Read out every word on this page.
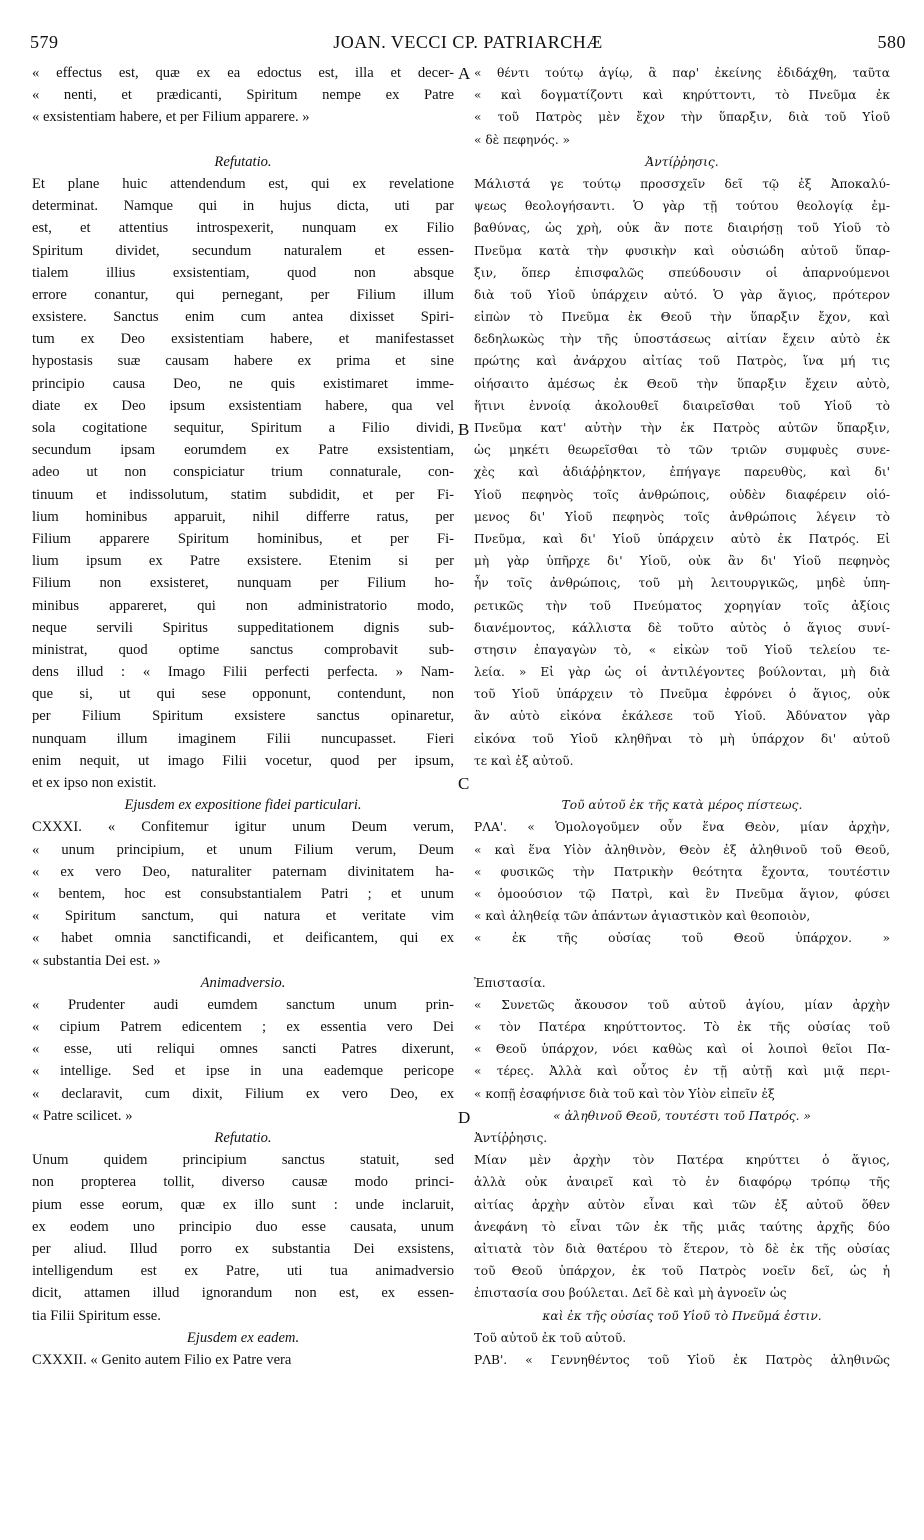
579	JOAN. VECCI CP. PATRIARCHÆ	580
« effectus est, quæ ex ea edoctus est, illa et decer-
« nenti, et prædicanti, Spiritum nempe ex Patre
« exsistentiam habere, et per Filium apparere. »
Refutatio.
Et plane huic attendendum est, qui ex revelatione
determinat. Namque qui in hujus dicta, uti par
est, et attentius introspexerit, nunquam ex Filio
Spiritum dividet, secundum naturalem et essen-
tialem illius exsistentiam, quod non absque
errore conantur, qui pernegant, per Filium illum
exsistere. Sanctus enim cum antea dixisset Spiri-
tum ex Deo exsistentiam habere, et manifestasset
hypostasis suæ causam habere ex prima et sine
principio causa Deo, ne quis existimaret imme-
diate ex Deo ipsum exsistentiam habere, qua vel
sola cogitatione sequitur, Spiritum a Filio dividi,
secundum ipsam eorumdem ex Patre exsistentiam,
adeo ut non conspiciatur trium connaturale, con-
tinuum et indissolutum, statim subdidit, et per Fi-
lium hominibus apparuit, nihil differre ratus, per
Filium apparere Spiritum hominibus, et per Fi-
lium ipsum ex Patre exsistere. Etenim si per
Filium non exsisteret, nunquam per Filium ho-
minibus appareret, qui non administratorio modo,
neque servili Spiritus suppeditationem dignis sub-
ministrat, quod optime sanctus comprobavit sub-
dens illud : « Imago Filii perfecti perfecta. » Nam-
que si, ut qui sese opponunt, contendunt, non
per Filium Spiritum exsistere sanctus opinaretur,
nunquam illum imaginem Filii nuncupasset. Fieri
enim nequit, ut imago Filii vocetur, quod per ipsum,
et ex ipso non existit.
Ejusdem ex expositione fidei particulari.
CXXXI. « Confitemur igitur unum Deum verum,
« unum principium, et unum Filium verum, Deum
« ex vero Deo, naturaliter paternam divinitatem ha-
« bentem, hoc est consubstantialem Patri ; et unum
« Spiritum sanctum, qui natura et veritate vim
« habet omnia sanctificandi, et deificantem, qui ex
« substantia Dei est. »
Animadversio.
« Prudenter audi eumdem sanctum unum prin-
« cipium Patrem edicentem ; ex essentia vero Dei
« esse, uti reliqui omnes sancti Patres dixerunt,
« intellige. Sed et ipse in una eademque pericope
« declaravit, cum dixit, Filium ex vero Deo, ex
« Patre scilicet. »
Refutatio.
Unum quidem principium sanctus statuit, sed
non propterea tollit, diverso causæ modo princi-
pium esse eorum, quæ ex illo sunt : unde inclaruit,
ex eodem uno principio duo esse causata, unum
per aliud. Illud porro ex substantia Dei exsistens,
intelligendum est ex Patre, uti tua animadversio
dicit, attamen illud ignorandum non est, ex essen-
tia Filii Spiritum esse.
Ejusdem ex eadem.
CXXXII. « Genito autem Filio ex Patre vera
« θέντι τούτῳ ἁγίῳ, ἃ παρ' ἐκείνης ἐδιδάχθη, ταῦτα
« καὶ δογματίζοντι καὶ κηρύττοντι, τὸ Πνεῦμα ἐκ
« τοῦ Πατρὸς μὲν ἔχον τὴν ὕπαρξιν, διὰ τοῦ Υἱοῦ
« δὲ πεφηνός. »
Ἀντίῤῥησις.
Μάλιστά γε τούτῳ προσσχεῖν δεῖ τῷ ἐξ Ἀποκαλύ-
ψεως θεολογήσαντι. Ὁ γὰρ τῇ τούτου θεολογίᾳ ἐμ-
βαθύνας, ὡς χρὴ, οὐκ ἂν ποτε διαιρήσῃ τοῦ Υἱοῦ τὸ
Πνεῦμα κατὰ τὴν φυσικὴν καὶ οὐσιώδη αὐτοῦ ὕπαρ-
ξιν, ὅπερ ἐπισφαλῶς σπεύδουσιν οἱ ἀπαρνούμενοι
διὰ τοῦ Υἱοῦ ὑπάρχειν αὐτό. Ὁ γὰρ ἅγιος, πρότερον
εἰπὼν τὸ Πνεῦμα ἐκ Θεοῦ τὴν ὕπαρξιν ἔχον, καὶ
δεδηλωκὼς τὴν τῆς ὑποστάσεως αἰτίαν ἔχειν αὐτὸ ἐκ
πρώτης καὶ ἀνάρχου αἰτίας τοῦ Πατρὸς, ἵνα μή τις
οἰήσαιτο ἀμέσως ἐκ Θεοῦ τὴν ὕπαρξιν ἔχειν αὐτὸ,
ἥτινι ἐννοίᾳ ἀκολουθεῖ διαιρεῖσθαι τοῦ Υἱοῦ τὸ
Πνεῦμα κατ' αὐτὴν τὴν ἐκ Πατρὸς αὐτῶν ὕπαρξιν,
ὡς μηκέτι θεωρεῖσθαι τὸ τῶν τριῶν συμφυὲς συνε-
χὲς καὶ ἀδιάῤῥηκτον, ἐπήγαγε παρευθὺς, καὶ δι'
Υἱοῦ πεφηνὸς τοῖς ἀνθρώποις, οὐδὲν διαφέρειν οἰό-
μενος δι' Υἱοῦ πεφηνὸς τοῖς ἀνθρώποις λέγειν τὸ
Πνεῦμα, καὶ δι' Υἱοῦ ὑπάρχειν αὐτὸ ἐκ Πατρός. Εἰ
μὴ γὰρ ὑπῆρχε δι' Υἱοῦ, οὐκ ἂν δι' Υἱοῦ πεφηνὸς
ἦν τοῖς ἀνθρώποις, τοῦ μὴ λειτουργικῶς, μηδὲ ὑπη-
ρετικῶς τὴν τοῦ Πνεύματος χορηγίαν τοῖς ἀξίοις
διανέμοντος, κάλλιστα δὲ τοῦτο αὐτὸς ὁ ἅγιος συνί-
στησιν ἐπαγαγὼν τὸ, « εἰκὼν τοῦ Υἱοῦ τελείου τε-
λεία. » Εἰ γὰρ ὡς οἱ ἀντιλέγοντες βούλονται, μὴ διὰ
τοῦ Υἱοῦ ὑπάρχειν τὸ Πνεῦμα ἐφρόνει ὁ ἅγιος, οὐκ
ἂν αὐτὸ εἰκόνα ἐκάλεσε τοῦ Υἱοῦ. Ἀδύνατον γὰρ
εἰκόνα τοῦ Υἱοῦ κληθῆναι τὸ μὴ ὑπάρχον δι' αὐτοῦ
τε καὶ ἐξ αὐτοῦ.
Τοῦ αὐτοῦ ἐκ τῆς κατὰ μέρος πίστεως.
ΡΛΑ'. « Ὁμολογοῦμεν οὖν ἕνα Θεὸν, μίαν ἀρχὴν,
« καὶ ἕνα Υἱὸν ἀληθινὸν, Θεὸν ἐξ ἀληθινοῦ τοῦ Θεοῦ,
« φυσικῶς τὴν Πατρικὴν θεότητα ἔχοντα, τουτέστιν
« ὁμοούσιον τῷ Πατρὶ, καὶ ἓν Πνεῦμα ἅγιον, φύσει
« καὶ ἀληθείᾳ τῶν ἁπάντων ἁγιαστικὸν καὶ θεοποιὸν,
« ἐκ τῆς οὐσίας τοῦ Θεοῦ ὑπάρχον. »
Ἐπιστασία.
« Συνετῶς ἄκουσον τοῦ αὐτοῦ ἁγίου, μίαν ἀρχὴν
« τὸν Πατέρα κηρύττοντος. Τὸ ἐκ τῆς οὐσίας τοῦ
« Θεοῦ ὑπάρχον, νόει καθὼς καὶ οἱ λοιποὶ θεῖοι Πα-
« τέρες. Ἀλλὰ καὶ οὗτος ἐν τῇ αὐτῇ καὶ μιᾷ περι-
« κοπῇ ἐσαφήνισε διὰ τοῦ καὶ τὸν Υἱὸν εἰπεῖν ἐξ
« ἀληθινοῦ Θεοῦ, τουτέστι τοῦ Πατρός. »
Ἀντίῤῥησις.
Μίαν μὲν ἀρχὴν τὸν Πατέρα κηρύττει ὁ ἅγιος,
ἀλλὰ οὐκ ἀναιρεῖ καὶ τὸ ἐν διαφόρῳ τρόπῳ τῆς
αἰτίας ἀρχὴν αὐτὸν εἶναι καὶ τῶν ἐξ αὐτοῦ ὅθεν
ἀνεφάνη τὸ εἶναι τῶν ἐκ τῆς μιᾶς ταύτης ἀρχῆς δύο
αἰτιατὰ τὸν διὰ θατέρου τὸ ἕτερον, τὸ δὲ ἐκ τῆς οὐσίας
τοῦ Θεοῦ ὑπάρχον, ἐκ τοῦ Πατρὸς νοεῖν δεῖ, ὡς ἡ
ἐπιστασία σου βούλεται. Δεῖ δὲ καὶ μὴ ἀγνοεῖν ὡς
καὶ ἐκ τῆς οὐσίας τοῦ Υἱοῦ τὸ Πνεῦμά ἐστιν.
Τοῦ αὐτοῦ ἐκ τοῦ αὐτοῦ.
ΡΛΒ'. « Γεννηθέντος τοῦ Υἱοῦ ἐκ Πατρὸς ἀληθινῶς
A
B
C
D
